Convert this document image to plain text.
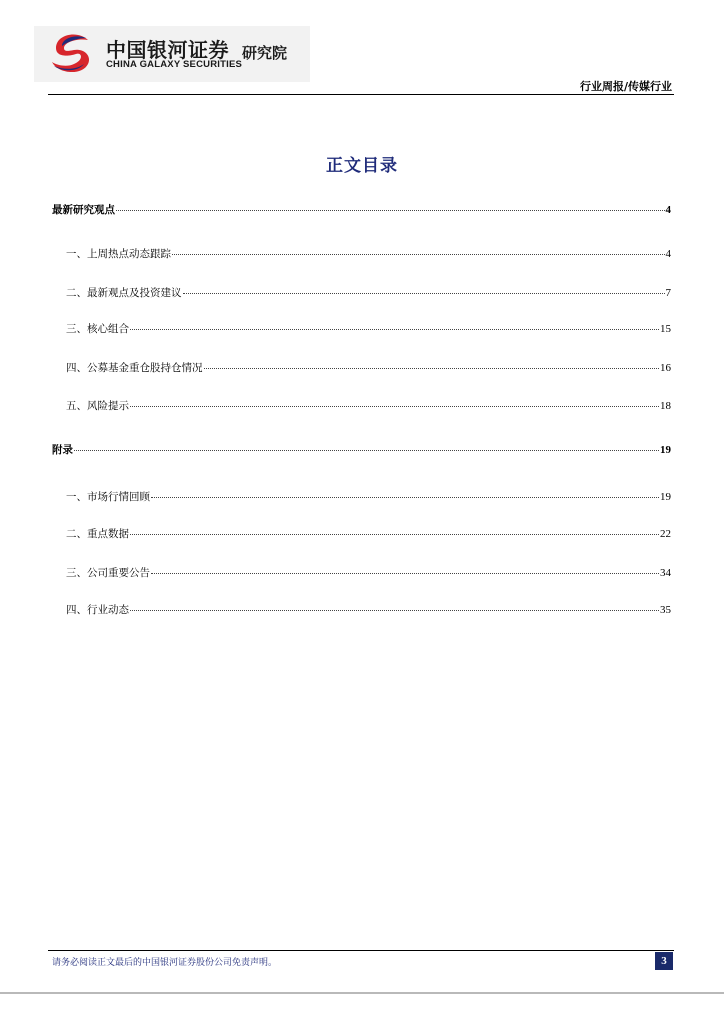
中国银河证券
CHINA GALAXY SECURITIES
研究院
行业周报/传媒行业
正文目录
最新研究观点	4
一、上周热点动态跟踪	4
二、最新观点及投资建议	7
三、核心组合	15
四、公募基金重仓股持仓情况	16
五、风险提示	18
附录	19
一、市场行情回顾	19
二、重点数据	22
三、公司重要公告	34
四、行业动态	35
请务必阅读正文最后的中国银河证券股份公司免责声明。	3
